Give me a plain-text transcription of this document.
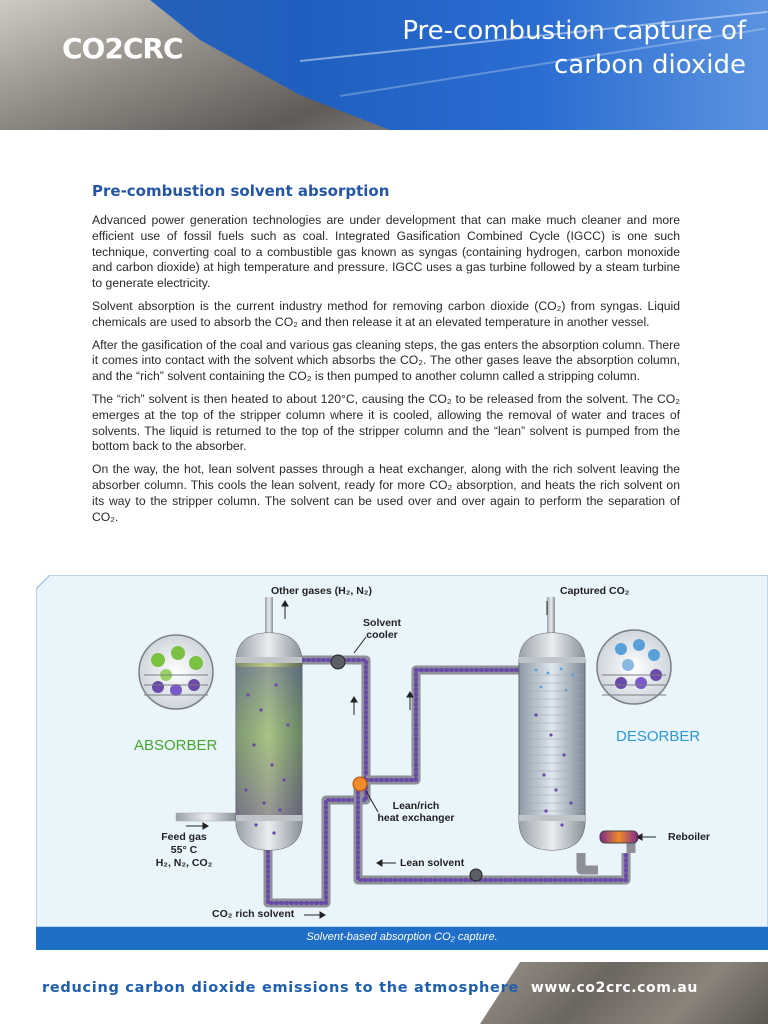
CO2CRC
Pre-combustion capture of
carbon dioxide
Pre-combustion solvent absorption

Advanced power generation technologies are under development that can make much cleaner and more efficient use of fossil fuels such as coal. Integrated Gasification Combined Cycle (IGCC) is one such technique, converting coal to a combustible gas known as syngas (containing hydrogen, carbon monoxide and carbon dioxide) at high temperature and pressure. IGCC uses a gas turbine followed by a steam turbine to generate electricity.

Solvent absorption is the current industry method for removing carbon dioxide (CO₂) from syngas. Liquid chemicals are used to absorb the CO₂ and then release it at an elevated temperature in another vessel.

After the gasification of the coal and various gas cleaning steps, the gas enters the absorption column. There it comes into contact with the solvent which absorbs the CO₂. The other gases leave the absorption column, and the “rich” solvent containing the CO₂ is then pumped to another column called a stripping column.

The “rich” solvent is then heated to about 120°C, causing the CO₂ to be released from the solvent. The CO₂ emerges at the top of the stripper column where it is cooled, allowing the removal of water and traces of solvents. The liquid is returned to the top of the stripper column and the “lean” solvent is pumped from the bottom back to the absorber.

On the way, the hot, lean solvent passes through a heat exchanger, along with the rich solvent leaving the absorber column. This cools the lean solvent, ready for more CO₂ absorption, and heats the rich solvent on its way to the stripper column. The solvent can be used over and over again to perform the separation of CO₂.

Other gases (H₂, N₂)	Captured CO₂
Solvent
cooler
ABSORBER
DESORBER
Lean/rich
heat exchanger
Reboiler
Feed gas
55° C
H₂, N₂, CO₂	Lean solvent
CO₂ rich solvent
Solvent-based absorption CO₂ capture.
reducing carbon dioxide emissions to the atmosphere www.co2crc.com.au
